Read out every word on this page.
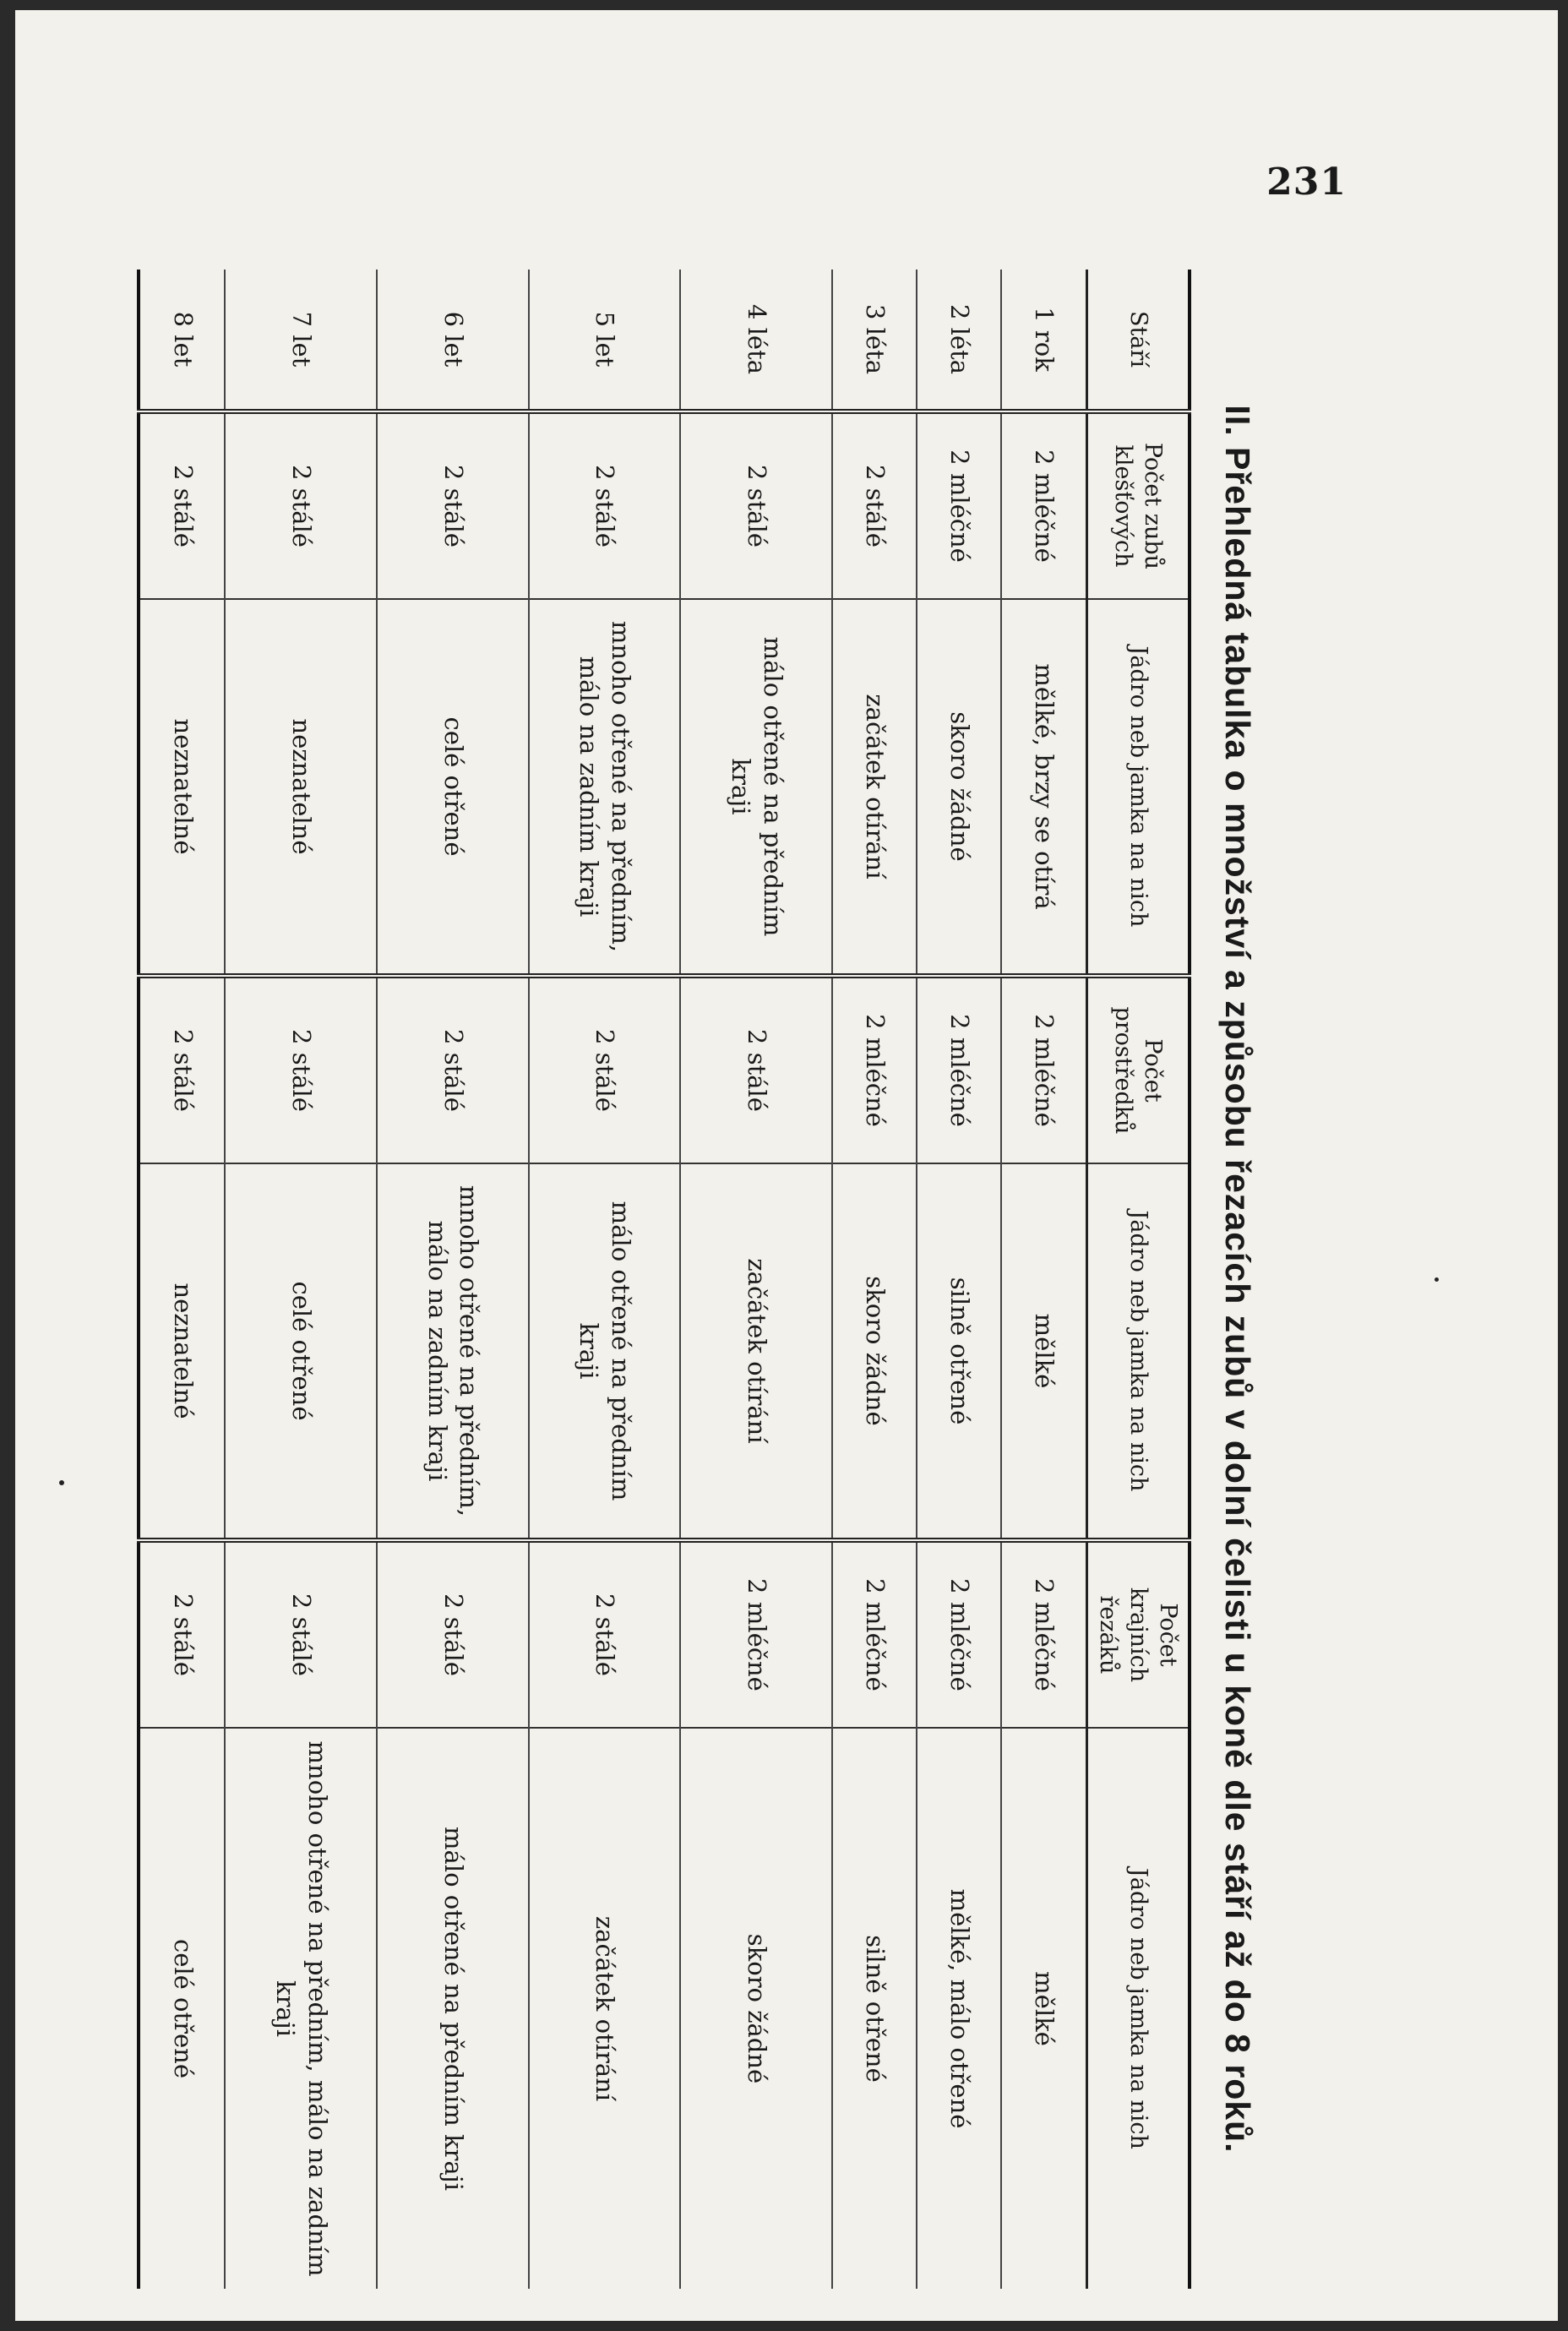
231
II. Přehledná tabulka o množství a způsobu řezacích zubů v dolní čelisti u koně dle stáří až do 8 roků.
Stáří	Počet zubů klešťových	Jádro neb jamka na nich	Počet prostředků	Jádro neb jamka na nich	Počet krajních řezáků	Jádro neb jamka na nich
1 rok	2 mléčné	mělké, brzy se otírá	2 mléčné	mělké	2 mléčné	mělké
2 léta	2 mléčné	skoro žádné	2 mléčné	silně otřené	2 mléčné	mělké, málo otřené
3 léta	2 stálé	začátek otírání	2 mléčné	skoro žádné	2 mléčné	silně otřené
4 léta	2 stálé	málo otřené na předním kraji	2 stálé	začátek otírání	2 mléčné	skoro žádné
5 let	2 stálé	mnoho otřené na předním, málo na zadním kraji	2 stálé	málo otřené na předním kraji	2 stálé	začátek otírání
6 let	2 stálé	celé otřené	2 stálé	mnoho otřené na předním, málo na zadním kraji	2 stálé	málo otřené na předním kraji
7 let	2 stálé	neznatelné	2 stálé	celé otřené	2 stálé	mnoho otřené na předním, málo na zadním kraji
8 let	2 stálé	neznatelné	2 stálé	neznatelné	2 stálé	celé otřené
